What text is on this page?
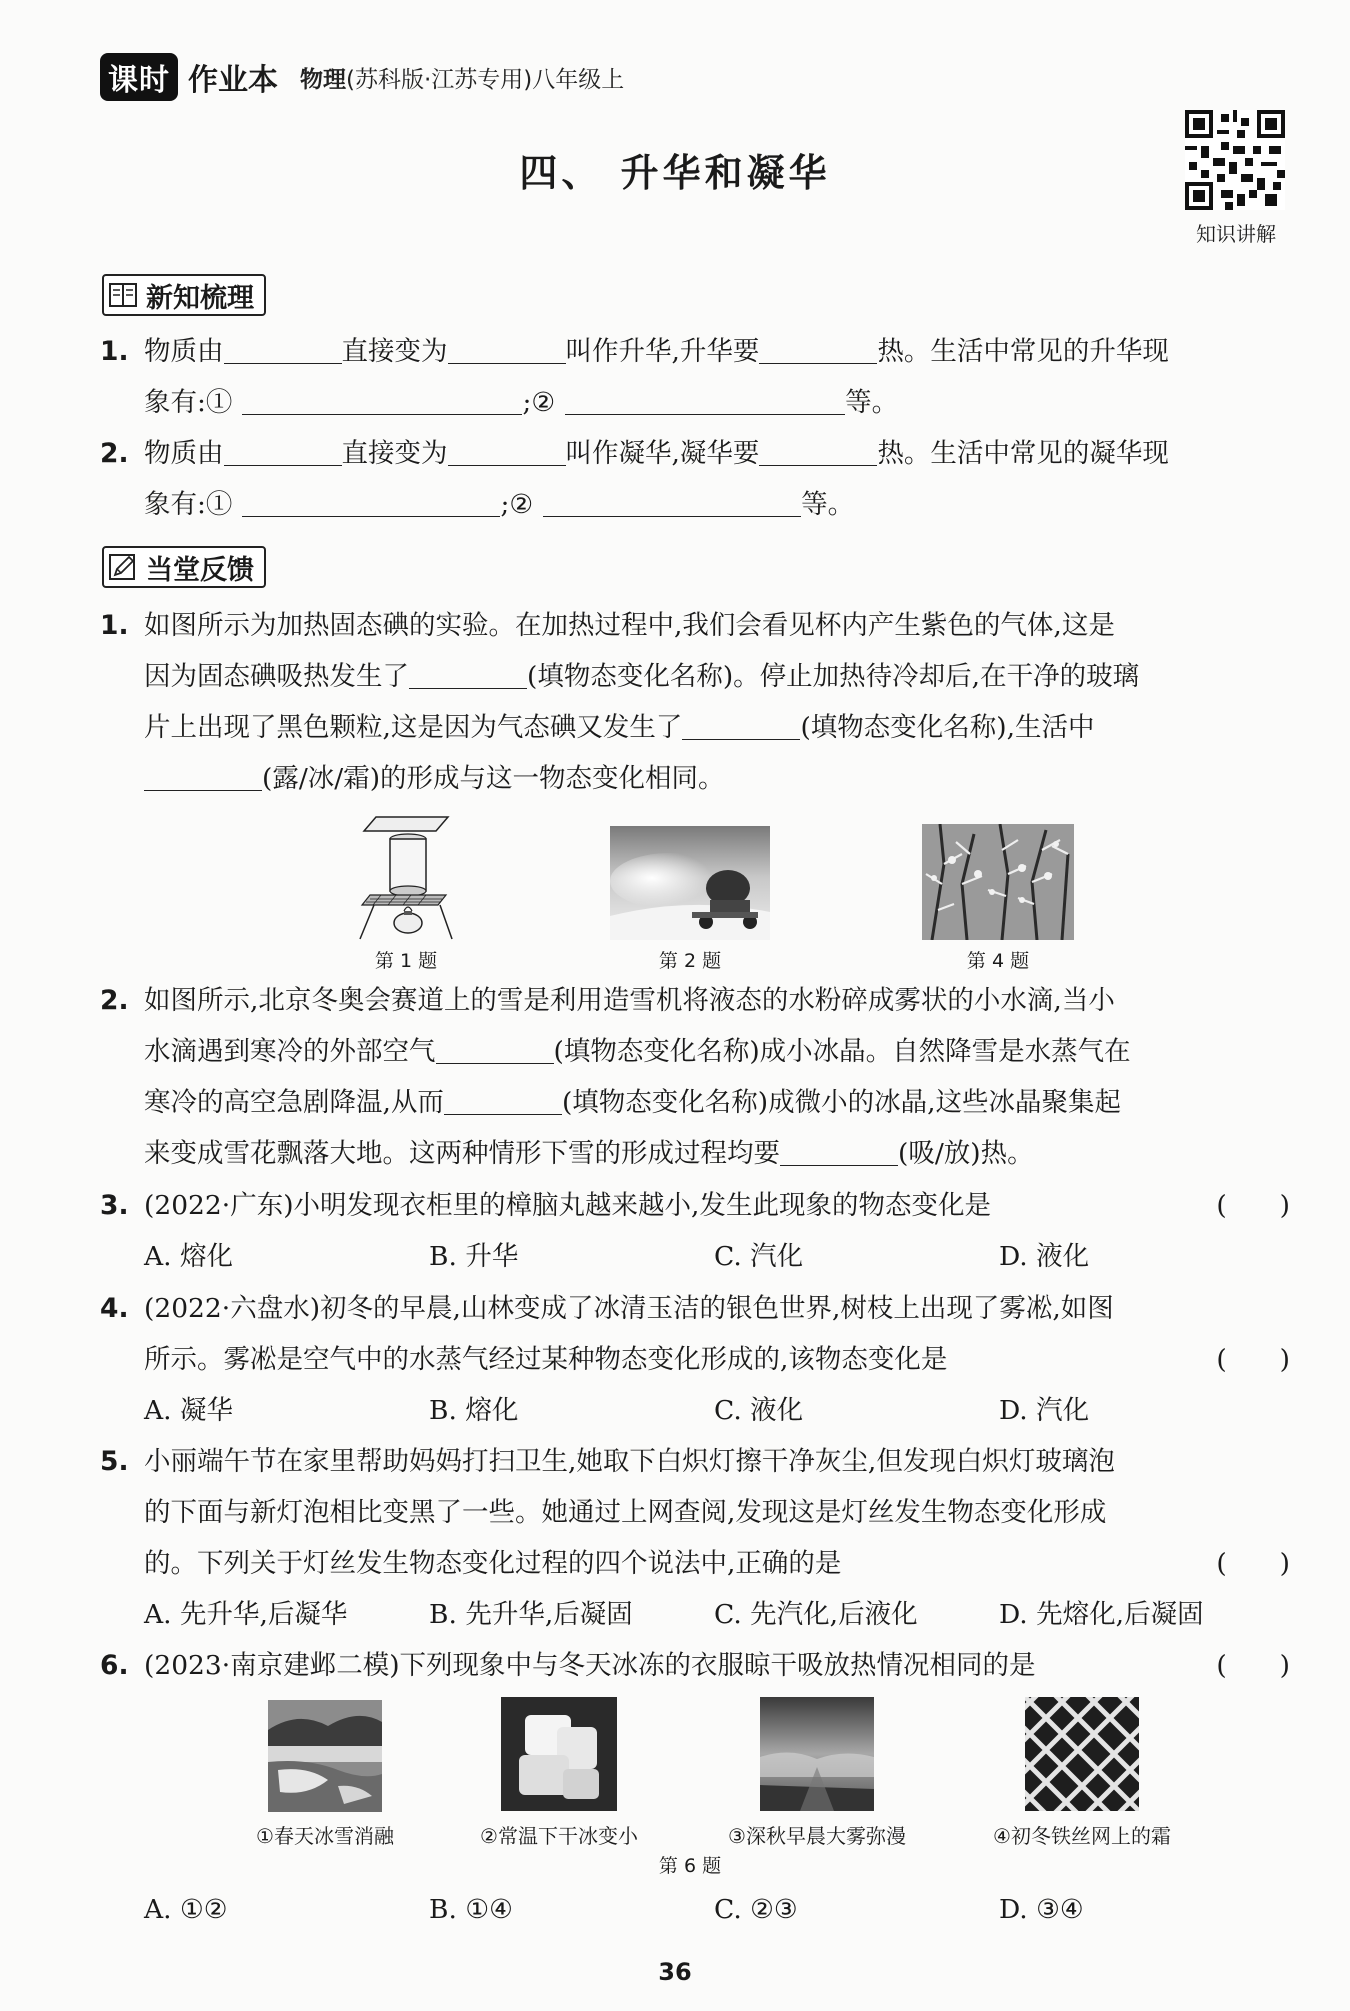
课时 作业本 物理(苏科版·江苏专用)八年级上
四、 升华和凝华
知识讲解
新知梳理
1. 物质由	直接变为	叫作升华,升华要	热。生活中常见的升华现
象有:①	;②	等。
2. 物质由	直接变为	叫作凝华,凝华要	热。生活中常见的凝华现
象有:①	;②	等。
当堂反馈
1. 如图所示为加热固态碘的实验。在加热过程中,我们会看见杯内产生紫色的气体,这是
因为固态碘吸热发生了	(填物态变化名称)。停止加热待冷却后,在干净的玻璃
片上出现了黑色颗粒,这是因为气态碘又发生了	(填物态变化名称),生活中
(露/冰/霜)的形成与这一物态变化相同。
第 1 题	第 2 题	第 4 题
2. 如图所示,北京冬奥会赛道上的雪是利用造雪机将液态的水粉碎成雾状的小水滴,当小
水滴遇到寒冷的外部空气	(填物态变化名称)成小冰晶。自然降雪是水蒸气在
寒冷的高空急剧降温,从而	(填物态变化名称)成微小的冰晶,这些冰晶聚集起
来变成雪花飘落大地。这两种情形下雪的形成过程均要	(吸/放)热。
3. (2022·广东)小明发现衣柜里的樟脑丸越来越小,发生此现象的物态变化是	(　　)
A. 熔化	B. 升华	C. 汽化	D. 液化
4. (2022·六盘水)初冬的早晨,山林变成了冰清玉洁的银色世界,树枝上出现了雾凇,如图
所示。雾凇是空气中的水蒸气经过某种物态变化形成的,该物态变化是	(　　)
A. 凝华	B. 熔化	C. 液化	D. 汽化
5. 小丽端午节在家里帮助妈妈打扫卫生,她取下白炽灯擦干净灰尘,但发现白炽灯玻璃泡
的下面与新灯泡相比变黑了一些。她通过上网查阅,发现这是灯丝发生物态变化形成
的。下列关于灯丝发生物态变化过程的四个说法中,正确的是	(　　)
A. 先升华,后凝华	B. 先升华,后凝固	C. 先汽化,后液化	D. 先熔化,后凝固
6. (2023·南京建邺二模)下列现象中与冬天冰冻的衣服晾干吸放热情况相同的是	(　　)
①春天冰雪消融	②常温下干冰变小	③深秋早晨大雾弥漫	④初冬铁丝网上的霜
第 6 题
A. ①②	B. ①④	C. ②③	D. ③④
36
